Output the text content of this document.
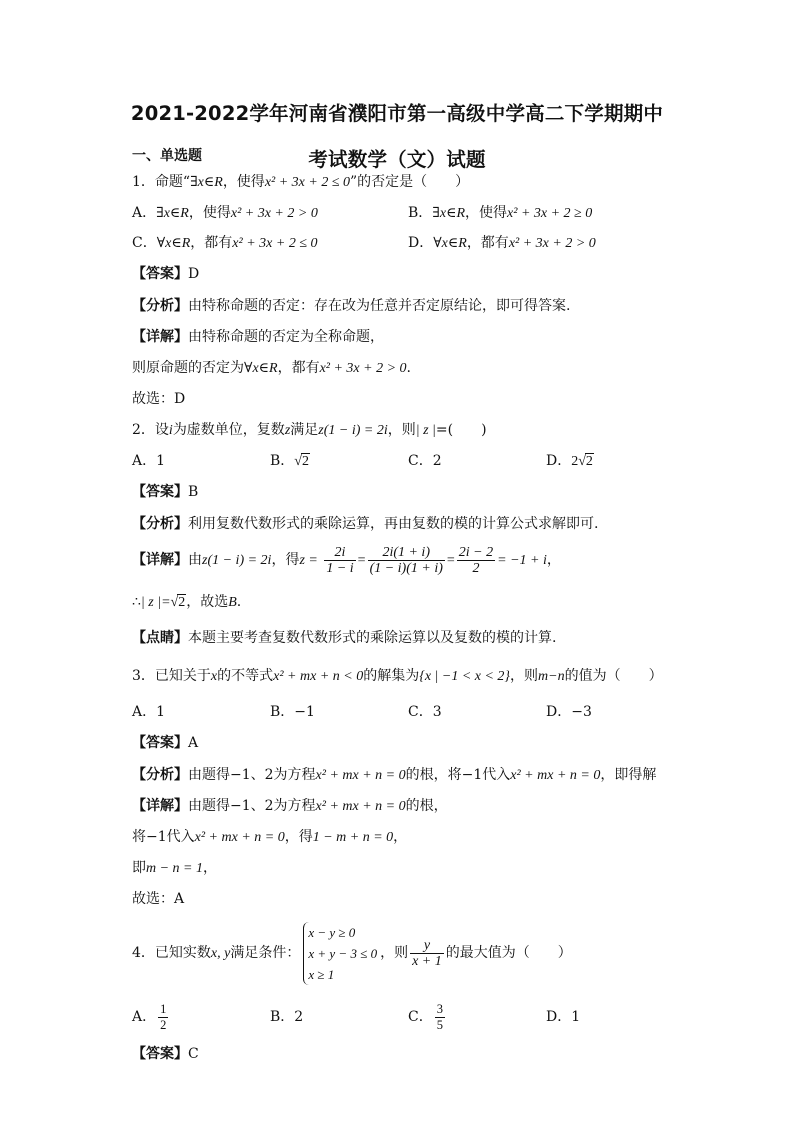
2021-2022学年河南省濮阳市第一高级中学高二下学期期中
考试数学（文）试题
一、单选题
1．命题“∃x∈R，使得x² + 3x + 2 ≤ 0”的否定是（　　）
A．∃x∈R，使得x² + 3x + 2 > 0	B．∃x∈R，使得x² + 3x + 2 ≥ 0
C．∀x∈R，都有x² + 3x + 2 ≤ 0	D．∀x∈R，都有x² + 3x + 2 > 0
【答案】D
【分析】由特称命题的否定：存在改为任意并否定原结论，即可得答案.
【详解】由特称命题的否定为全称命题，
则原命题的否定为∀x∈R，都有x² + 3x + 2 > 0.
故选：D
2．设i为虚数单位，复数z满足z(1 − i) = 2i，则| z |=(　　)
A．1	B．√2	C．2	D．2√2
【答案】B
【分析】利用复数代数形式的乘除运算，再由复数的模的计算公式求解即可.
【详解】由z(1 − i) = 2i，得$z = \frac{2i}{1 - i} = \frac{2i(1 + i)}{(1 - i)(1 + i)} = \frac{2i - 2}{2} = -1 + i$，
∴| z |=√2，故选B.
【点睛】本题主要考查复数代数形式的乘除运算以及复数的模的计算.
3．已知关于x的不等式x² + mx + n < 0的解集为{x | −1 < x < 2}，则m−n的值为（　　）
A．1	B．−1	C．3	D．−3
【答案】A
【分析】由题得−1、2为方程x² + mx + n = 0的根，将−1代入x² + mx + n = 0，即得解
【详解】由题得−1、2为方程x² + mx + n = 0的根，
将−1代入x² + mx + n = 0，得1 − m + n = 0，
即m − n = 1，
故选：A
4．已知实数x, y满足条件：
x − y ≥ 0
x + y − 3 ≤ 0
x ≥ 1
，则 $\frac{y}{x + 1}$ 的最大值为（　　）
A． $\frac{1}{2}$	B．2	C． $\frac{3}{5}$	D．1
【答案】C
